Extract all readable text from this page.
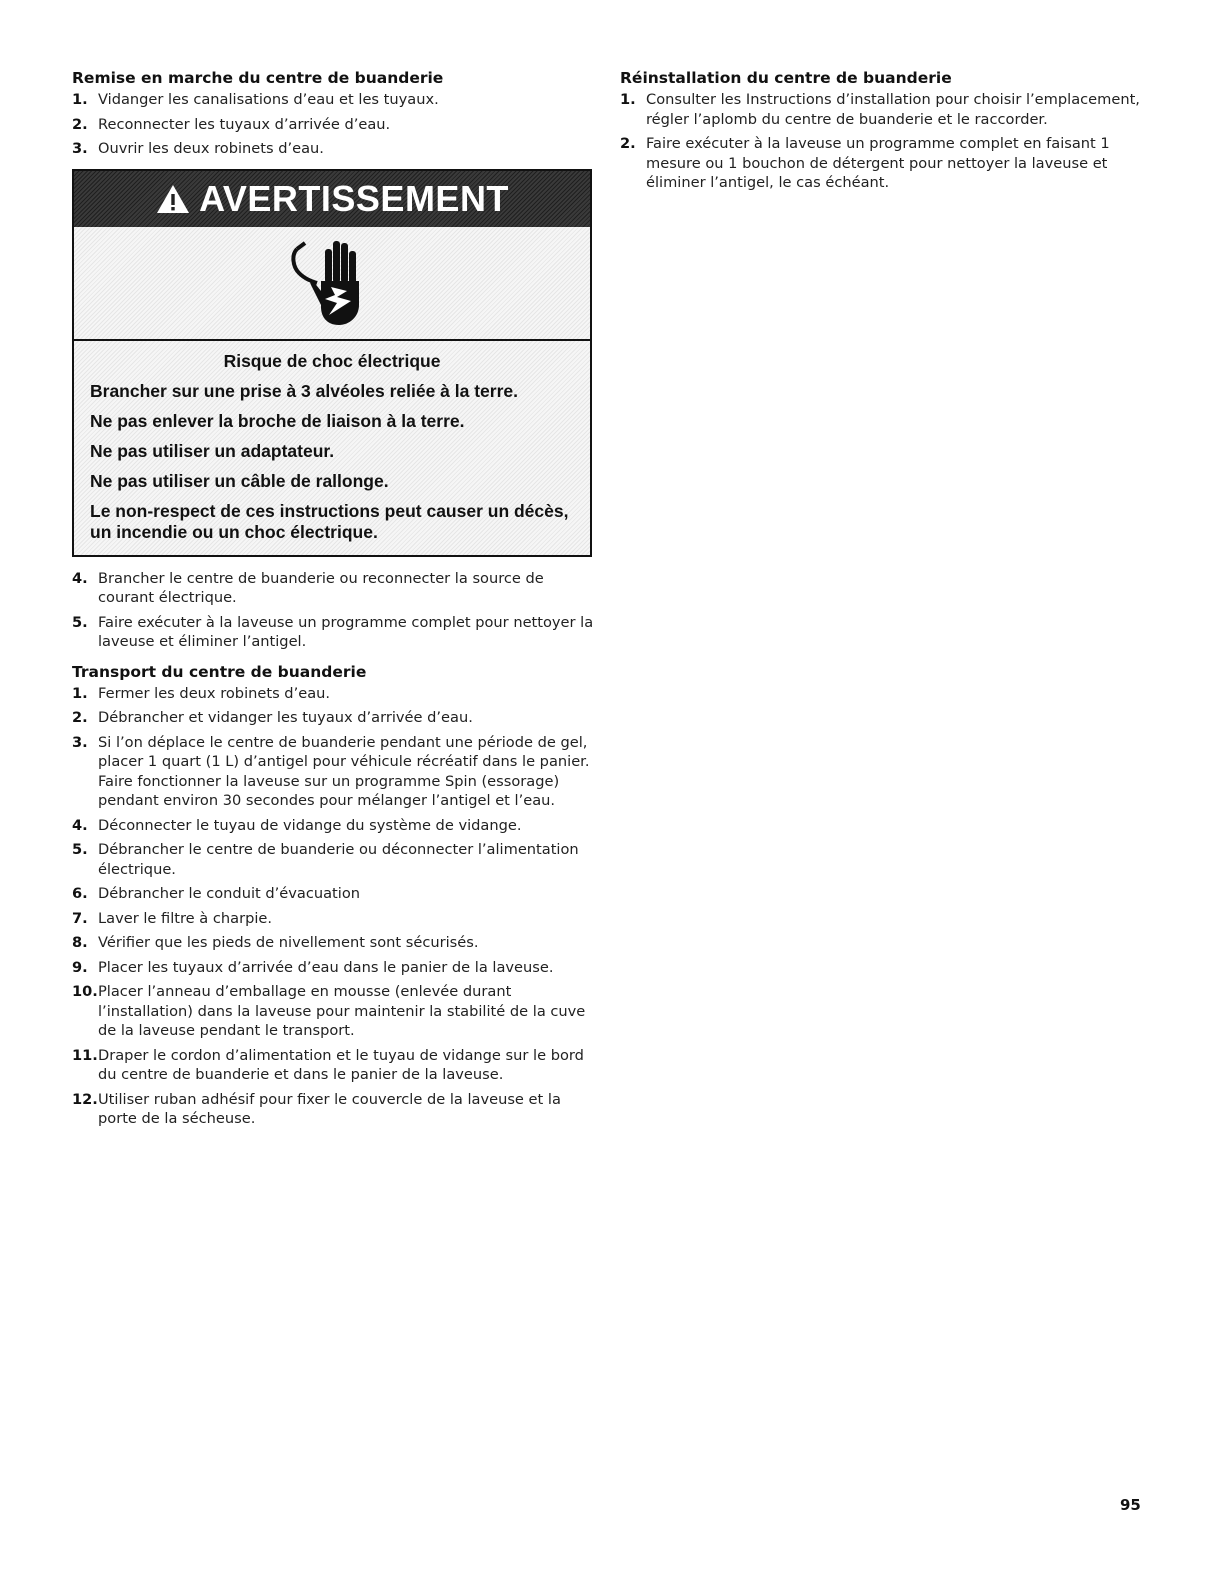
Remise en marche du centre de buanderie
1. Vidanger les canalisations d’eau et les tuyaux.
2. Reconnecter les tuyaux d’arrivée d’eau.
3. Ouvrir les deux robinets d’eau.
AVERTISSEMENT

Risque de choc électrique

Brancher sur une prise à 3 alvéoles reliée à la terre.

Ne pas enlever la broche de liaison à la terre.

Ne pas utiliser un adaptateur.

Ne pas utiliser un câble de rallonge.

Le non-respect de ces instructions peut causer un décès, un incendie ou un choc électrique.

4. Brancher le centre de buanderie ou reconnecter la source de courant électrique.
5. Faire exécuter à la laveuse un programme complet pour nettoyer la laveuse et éliminer l’antigel.
Transport du centre de buanderie
1. Fermer les deux robinets d’eau.
2. Débrancher et vidanger les tuyaux d’arrivée d’eau.
3. Si l’on déplace le centre de buanderie pendant une période de gel, placer 1 quart (1 L) d’antigel pour véhicule récréatif dans le panier. Faire fonctionner la laveuse sur un programme Spin (essorage) pendant environ 30 secondes pour mélanger l’antigel et l’eau.
4. Déconnecter le tuyau de vidange du système de vidange.
5. Débrancher le centre de buanderie ou déconnecter l’alimentation électrique.
6. Débrancher le conduit d’évacuation
7. Laver le filtre à charpie.
8. Vérifier que les pieds de nivellement sont sécurisés.
9. Placer les tuyaux d’arrivée d’eau dans le panier de la laveuse.
10. Placer l’anneau d’emballage en mousse (enlevée durant l’installation) dans la laveuse pour maintenir la stabilité de la cuve de la laveuse pendant le transport.
11. Draper le cordon d’alimentation et le tuyau de vidange sur le bord du centre de buanderie et dans le panier de la laveuse.
12. Utiliser ruban adhésif pour fixer le couvercle de la laveuse et la porte de la sécheuse.
Réinstallation du centre de buanderie
1. Consulter les Instructions d’installation pour choisir l’emplacement, régler l’aplomb du centre de buanderie et le raccorder.
2. Faire exécuter à la laveuse un programme complet en faisant 1 mesure ou 1 bouchon de détergent pour nettoyer la laveuse et éliminer l’antigel, le cas échéant.
95
